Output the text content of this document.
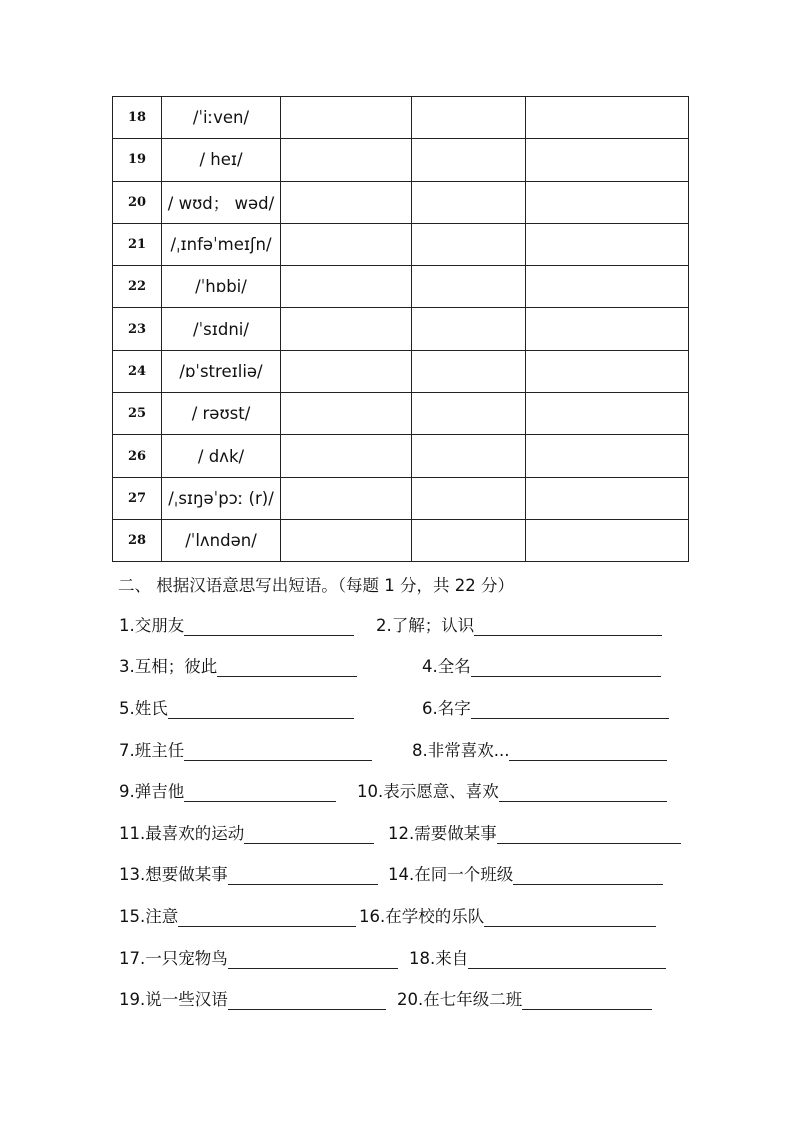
18	/ˈiːven/			
19	/ heɪ/			
20	/ wʊd； wəd/			
21	/ˌɪnfəˈmeɪʃn/			
22	/ˈhɒbi/			
23	/ˈsɪdni/			
24	/ɒˈstreɪliə/			
25	/ rəʊst/			
26	/ dʌk/			
27	/ˌsɪŋəˈpɔː (r)/			
28	/ˈlʌndən/			
二、 根据汉语意思写出短语。（每题 1 分，共 22 分）
1.交朋友	2.了解；认识
3.互相；彼此	4.全名
5.姓氏	6.名字
7.班主任	8.非常喜欢...
9.弹吉他	10.表示愿意、喜欢
11.最喜欢的运动	12.需要做某事
13.想要做某事	14.在同一个班级
15.注意	16.在学校的乐队
17.一只宠物鸟	18.来自
19.说一些汉语	20.在七年级二班
